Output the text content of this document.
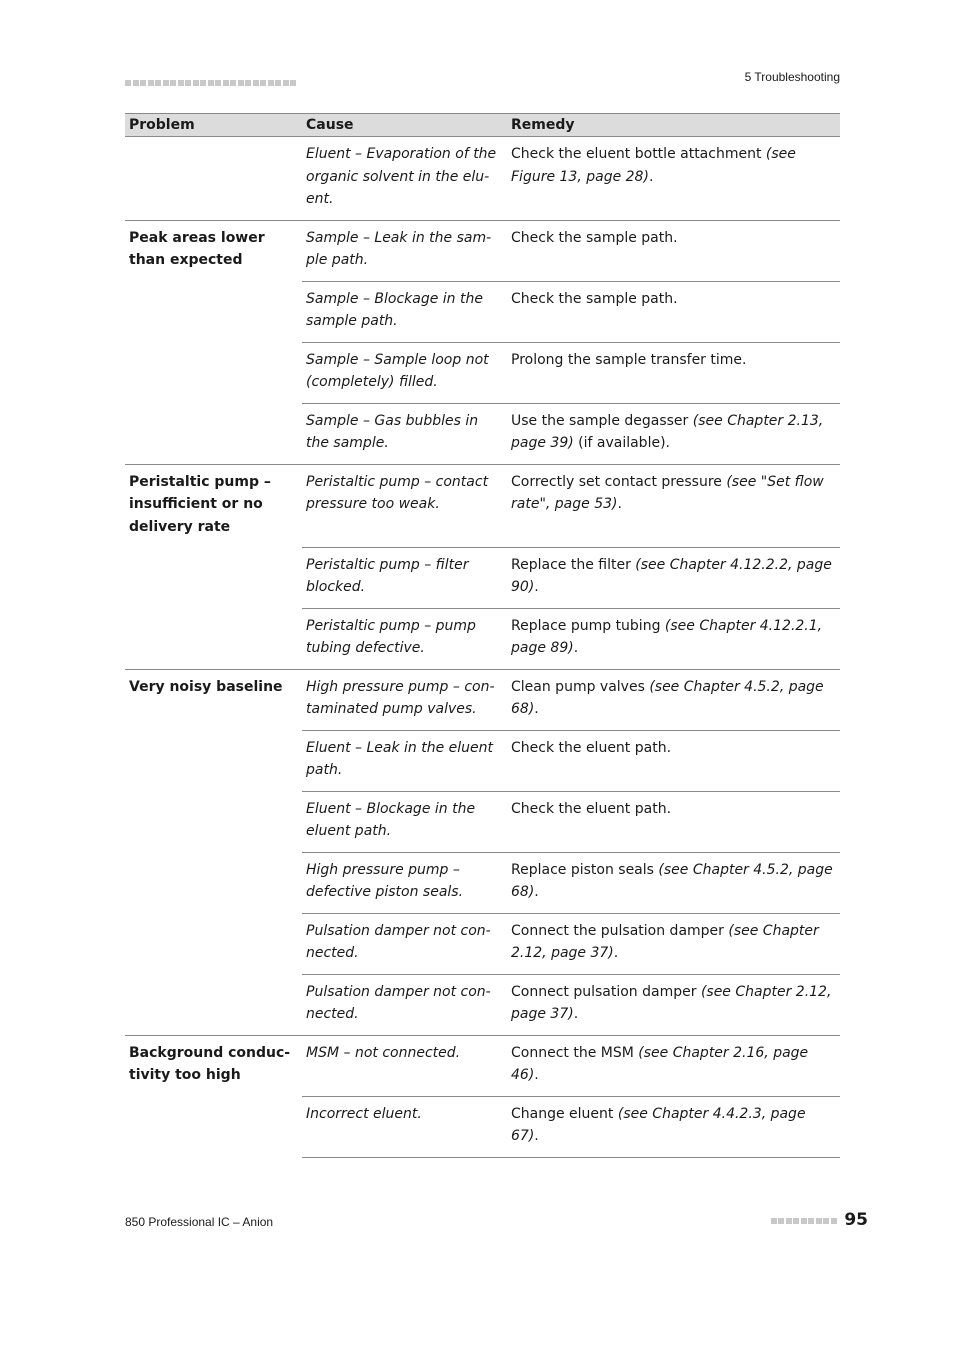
5 Troubleshooting
Problem	Cause	Remedy
	Eluent – Evaporation of the organic solvent in the elu-ent.	Check the eluent bottle attachment (see Figure 13, page 28).
Peak areas lower than expected	Sample – Leak in the sam-ple path.	Check the sample path.
	Sample – Blockage in the sample path.	Check the sample path.
	Sample – Sample loop not (completely) filled.	Prolong the sample transfer time.
	Sample – Gas bubbles in the sample.	Use the sample degasser (see Chapter 2.13, page 39) (if available).
Peristaltic pump – insufficient or no delivery rate	Peristaltic pump – contact pressure too weak.	Correctly set contact pressure (see "Set flow rate", page 53).
	Peristaltic pump – filter blocked.	Replace the filter (see Chapter 4.12.2.2, page 90).
	Peristaltic pump – pump tubing defective.	Replace pump tubing (see Chapter 4.12.2.1, page 89).
Very noisy baseline	High pressure pump – con-taminated pump valves.	Clean pump valves (see Chapter 4.5.2, page 68).
	Eluent – Leak in the eluent path.	Check the eluent path.
	Eluent – Blockage in the eluent path.	Check the eluent path.
	High pressure pump – defective piston seals.	Replace piston seals (see Chapter 4.5.2, page 68).
	Pulsation damper not con-nected.	Connect the pulsation damper (see Chapter 2.12, page 37).
	Pulsation damper not con-nected.	Connect pulsation damper (see Chapter 2.12, page 37).
Background conduc-tivity too high	MSM – not connected.	Connect the MSM (see Chapter 2.16, page 46).
	Incorrect eluent.	Change eluent (see Chapter 4.4.2.3, page 67).
850 Professional IC – Anion	95
